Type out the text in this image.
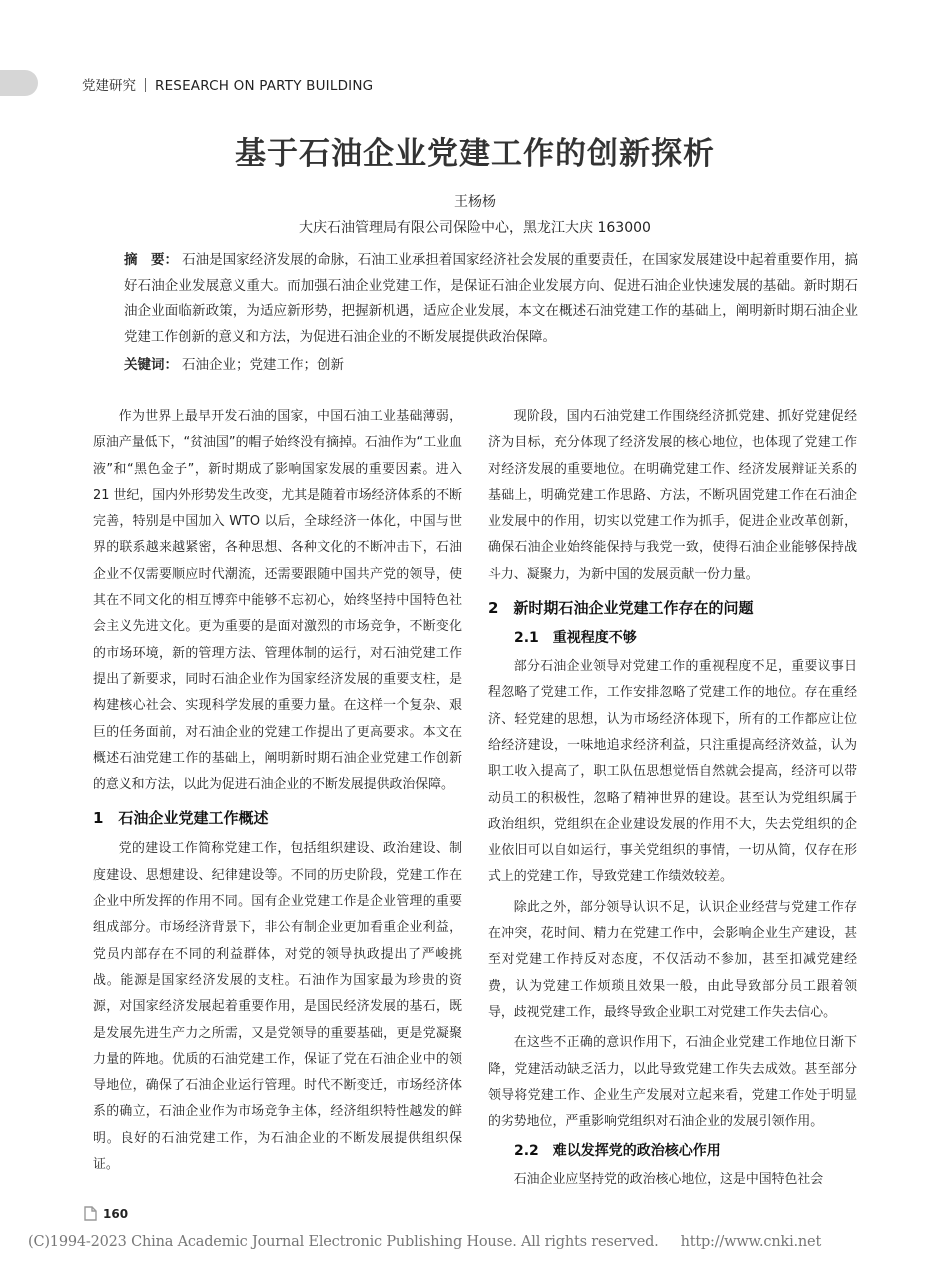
党建研究 RESEARCH ON PARTY BUILDING
基于石油企业党建工作的创新探析
王杨杨
大庆石油管理局有限公司保险中心，黑龙江大庆 163000
摘　要： 石油是国家经济发展的命脉，石油工业承担着国家经济社会发展的重要责任，在国家发展建设中起着重要作用，搞好石油企业发展意义重大。而加强石油企业党建工作，是保证石油企业发展方向、促进石油企业快速发展的基础。新时期石油企业面临新政策，为适应新形势，把握新机遇，适应企业发展，本文在概述石油党建工作的基础上，阐明新时期石油企业党建工作创新的意义和方法，为促进石油企业的不断发展提供政治保障。
关键词： 石油企业；党建工作；创新

作为世界上最早开发石油的国家，中国石油工业基础薄弱，原油产量低下，“贫油国”的帽子始终没有摘掉。石油作为“工业血液”和“黑色金子”，新时期成了影响国家发展的重要因素。进入 21 世纪，国内外形势发生改变，尤其是随着市场经济体系的不断完善，特别是中国加入 WTO 以后，全球经济一体化，中国与世界的联系越来越紧密，各种思想、各种文化的不断冲击下，石油企业不仅需要顺应时代潮流，还需要跟随中国共产党的领导，使其在不同文化的相互博弈中能够不忘初心，始终坚持中国特色社会主义先进文化。更为重要的是面对激烈的市场竞争，不断变化的市场环境，新的管理方法、管理体制的运行，对石油党建工作提出了新要求，同时石油企业作为国家经济发展的重要支柱，是构建核心社会、实现科学发展的重要力量。在这样一个复杂、艰巨的任务面前，对石油企业的党建工作提出了更高要求。本文在概述石油党建工作的基础上，阐明新时期石油企业党建工作创新的意义和方法，以此为促进石油企业的不断发展提供政治保障。

1　石油企业党建工作概述

党的建设工作简称党建工作，包括组织建设、政治建设、制度建设、思想建设、纪律建设等。不同的历史阶段，党建工作在企业中所发挥的作用不同。国有企业党建工作是企业管理的重要组成部分。市场经济背景下，非公有制企业更加看重企业利益，党员内部存在不同的利益群体，对党的领导执政提出了严峻挑战。能源是国家经济发展的支柱。石油作为国家最为珍贵的资源，对国家经济发展起着重要作用，是国民经济发展的基石，既是发展先进生产力之所需，又是党领导的重要基础，更是党凝聚力量的阵地。优质的石油党建工作，保证了党在石油企业中的领导地位，确保了石油企业运行管理。时代不断变迁，市场经济体系的确立，石油企业作为市场竞争主体，经济组织特性越发的鲜明。良好的石油党建工作，为石油企业的不断发展提供组织保证。

现阶段，国内石油党建工作围绕经济抓党建、抓好党建促经济为目标，充分体现了经济发展的核心地位，也体现了党建工作对经济发展的重要地位。在明确党建工作、经济发展辩证关系的基础上，明确党建工作思路、方法，不断巩固党建工作在石油企业发展中的作用，切实以党建工作为抓手，促进企业改革创新，确保石油企业始终能保持与我党一致，使得石油企业能够保持战斗力、凝聚力，为新中国的发展贡献一份力量。

2　新时期石油企业党建工作存在的问题
2.1　重视程度不够

部分石油企业领导对党建工作的重视程度不足，重要议事日程忽略了党建工作，工作安排忽略了党建工作的地位。存在重经济、轻党建的思想，认为市场经济体现下，所有的工作都应让位给经济建设，一味地追求经济利益，只注重提高经济效益，认为职工收入提高了，职工队伍思想觉悟自然就会提高，经济可以带动员工的积极性，忽略了精神世界的建设。甚至认为党组织属于政治组织，党组织在企业建设发展的作用不大，失去党组织的企业依旧可以自如运行，事关党组织的事情，一切从简，仅存在形式上的党建工作，导致党建工作绩效较差。

除此之外，部分领导认识不足，认识企业经营与党建工作存在冲突，花时间、精力在党建工作中，会影响企业生产建设，甚至对党建工作持反对态度，不仅活动不参加，甚至扣减党建经费，认为党建工作烦琐且效果一般，由此导致部分员工跟着领导，歧视党建工作，最终导致企业职工对党建工作失去信心。

在这些不正确的意识作用下，石油企业党建工作地位日渐下降，党建活动缺乏活力，以此导致党建工作失去成效。甚至部分领导将党建工作、企业生产发展对立起来看，党建工作处于明显的劣势地位，严重影响党组织对石油企业的发展引领作用。

2.2　难以发挥党的政治核心作用

石油企业应坚持党的政治核心地位，这是中国特色社会

160
(C)1994-2023 China Academic Journal Electronic Publishing House. All rights reserved. http://www.cnki.net
